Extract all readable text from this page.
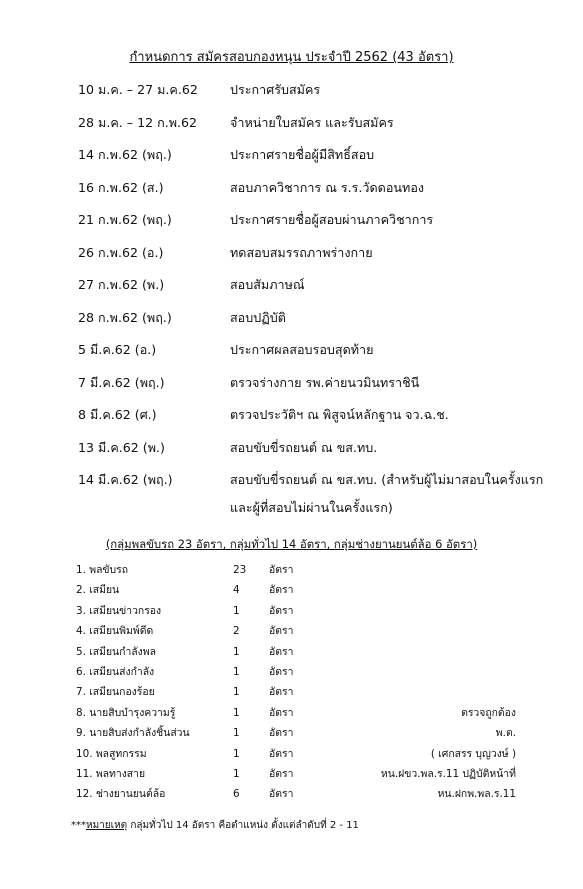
กำหนดการ สมัครสอบกองหนุน ประจำปี 2562 (43 อัตรา)
10 ม.ค. – 27 ม.ค.62	ประกาศรับสมัคร
28 ม.ค. – 12 ก.พ.62	จำหน่ายใบสมัคร และรับสมัคร
14 ก.พ.62 (พฤ.)	ประกาศรายชื่อผู้มีสิทธิ์สอบ
16 ก.พ.62 (ส.)	สอบภาควิชาการ ณ ร.ร.วัดดอนทอง
21 ก.พ.62 (พฤ.)	ประกาศรายชื่อผู้สอบผ่านภาควิชาการ
26 ก.พ.62 (อ.)	ทดสอบสมรรถภาพร่างกาย
27 ก.พ.62 (พ.)	สอบสัมภาษณ์
28 ก.พ.62 (พฤ.)	สอบปฏิบัติ
5 มี.ค.62 (อ.)	ประกาศผลสอบรอบสุดท้าย
7 มี.ค.62 (พฤ.)	ตรวจร่างกาย รพ.ค่ายนวมินทราชินี
8 มี.ค.62 (ศ.)	ตรวจประวัติฯ ณ พิสูจน์หลักฐาน จว.ฉ.ช.
13 มี.ค.62 (พ.)	สอบขับขี่รถยนต์ ณ ขส.ทบ.
14 มี.ค.62 (พฤ.)	สอบขับขี่รถยนต์ ณ ขส.ทบ. (สำหรับผู้ไม่มาสอบในครั้งแรก และผู้ที่สอบไม่ผ่านในครั้งแรก)
(กลุ่มพลขับรถ 23 อัตรา, กลุ่มทั่วไป 14 อัตรา, กลุ่มช่างยานยนต์ล้อ 6 อัตรา)
1. พลขับรถ	23 อัตรา
2. เสมียน	4	อัตรา
3. เสมียนข่าวกรอง	1	อัตรา
4. เสมียนพิมพ์ดีด	2	อัตรา
5. เสมียนกำลังพล	1	อัตรา
6. เสมียนส่งกำลัง	1	อัตรา
7. เสมียนกองร้อย	1	อัตรา
8. นายสิบบำรุงความรู้	1	อัตรา	ตรวจถูกต้อง
9. นายสิบส่งกำลังชิ้นส่วน	1	อัตรา	พ.ต.
10. พลสูทกรรม	1	อัตรา	( เศกสรร บุญวงษ์ )
11. พลทางสาย	1	อัตรา	หน.ฝขว.พล.ร.11 ปฏิบัติหน้าที่
12. ช่างยานยนต์ล้อ	6	อัตรา	หน.ฝกพ.พล.ร.11
***หมายเหตุ กลุ่มทั่วไป 14 อัตรา คือตำแหน่ง ตั้งแต่ลำดับที่ 2 - 11
